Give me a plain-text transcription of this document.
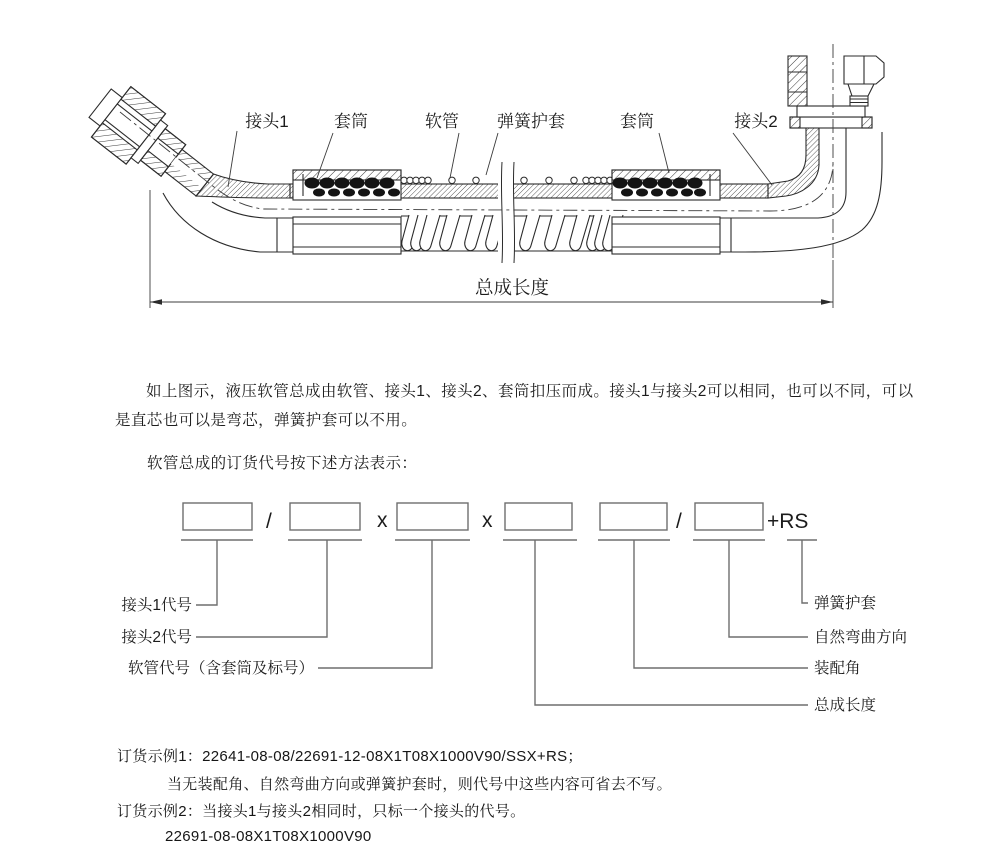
接头1	套筒	软管 弹簧护套	套筒	接头2
总成长度
如上图示，液压软管总成由软管、接头1、接头2、套筒扣压而成。接头1与接头2可以相同，也可以不同，可以是直芯也可以是弯芯，弹簧护套可以不用。
软管总成的订货代号按下述方法表示：
/	x	x	/	+RS
接头1代号
接头2代号
软管代号（含套筒及标号）
弹簧护套
自然弯曲方向
装配角
总成长度
订货示例1：22641-08-08/22691-12-08X1T08X1000V90/SSX+RS；
当无装配角、自然弯曲方向或弹簧护套时，则代号中这些内容可省去不写。
订货示例2：当接头1与接头2相同时，只标一个接头的代号。
22691-08-08X1T08X1000V90
